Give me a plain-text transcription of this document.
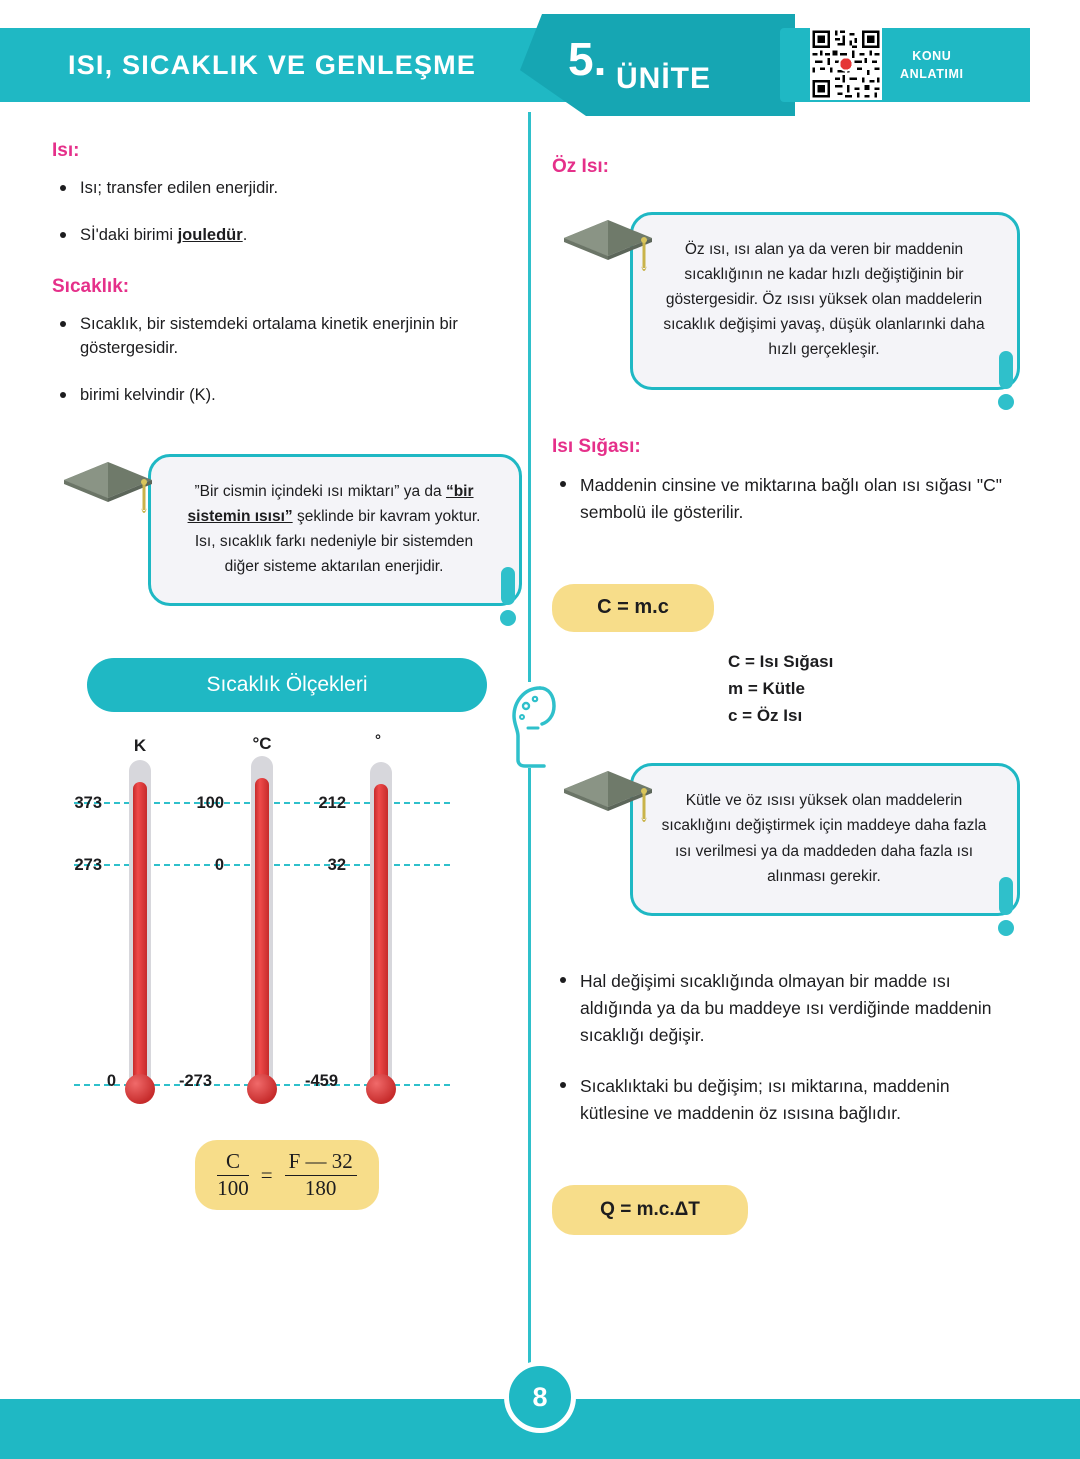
ISI, SICAKLIK VE GENLEŞME 5. ÜNİTE
KONU
ANLATIMI
Isı:
Isı; transfer edilen enerjidir.
Sİ'daki birimi jouledür.
Sıcaklık:
Sıcaklık, bir sistemdeki ortalama kinetik enerjinin bir göstergesidir.
birimi kelvindir (K).

”Bir cismin içindeki ısı miktarı” ya da “bir sistemin ısısı” şeklinde bir kavram yoktur. Isı, sıcaklık farkı nedeniyle bir sistemden diğer sisteme aktarılan enerjidir.

Sıcaklık Ölçekleri
K
373
273
0
°C
100
0
-273
°
212
32
-459
$\frac{C}{100} = \frac{F — 32}{180}$
Öz Isı:

Öz ısı, ısı alan ya da veren bir maddenin sıcaklığının ne kadar hızlı değiştiğinin bir göstergesidir. Öz ısısı yüksek olan maddelerin sıcaklık değişimi yavaş, düşük olanlarınki daha hızlı gerçekleşir.

Isı Sığası:
Maddenin cinsine ve miktarına bağlı olan ısı sığası "C" sembolü ile gösterilir.
C = m.c
C = Isı Sığası
m = Kütle
c = Öz Isı

Kütle ve öz ısısı yüksek olan maddelerin sıcaklığını değiştirmek için maddeye daha fazla ısı verilmesi ya da maddeden daha fazla ısı alınması gerekir.

Hal değişimi sıcaklığında olmayan bir madde ısı aldığında ya da bu maddeye ısı verdiğinde maddenin sıcaklığı değişir.
Sıcaklıktaki bu değişim; ısı miktarına, maddenin kütlesine ve maddenin öz ısısına bağlıdır.
Q = m.c.ΔT
8
